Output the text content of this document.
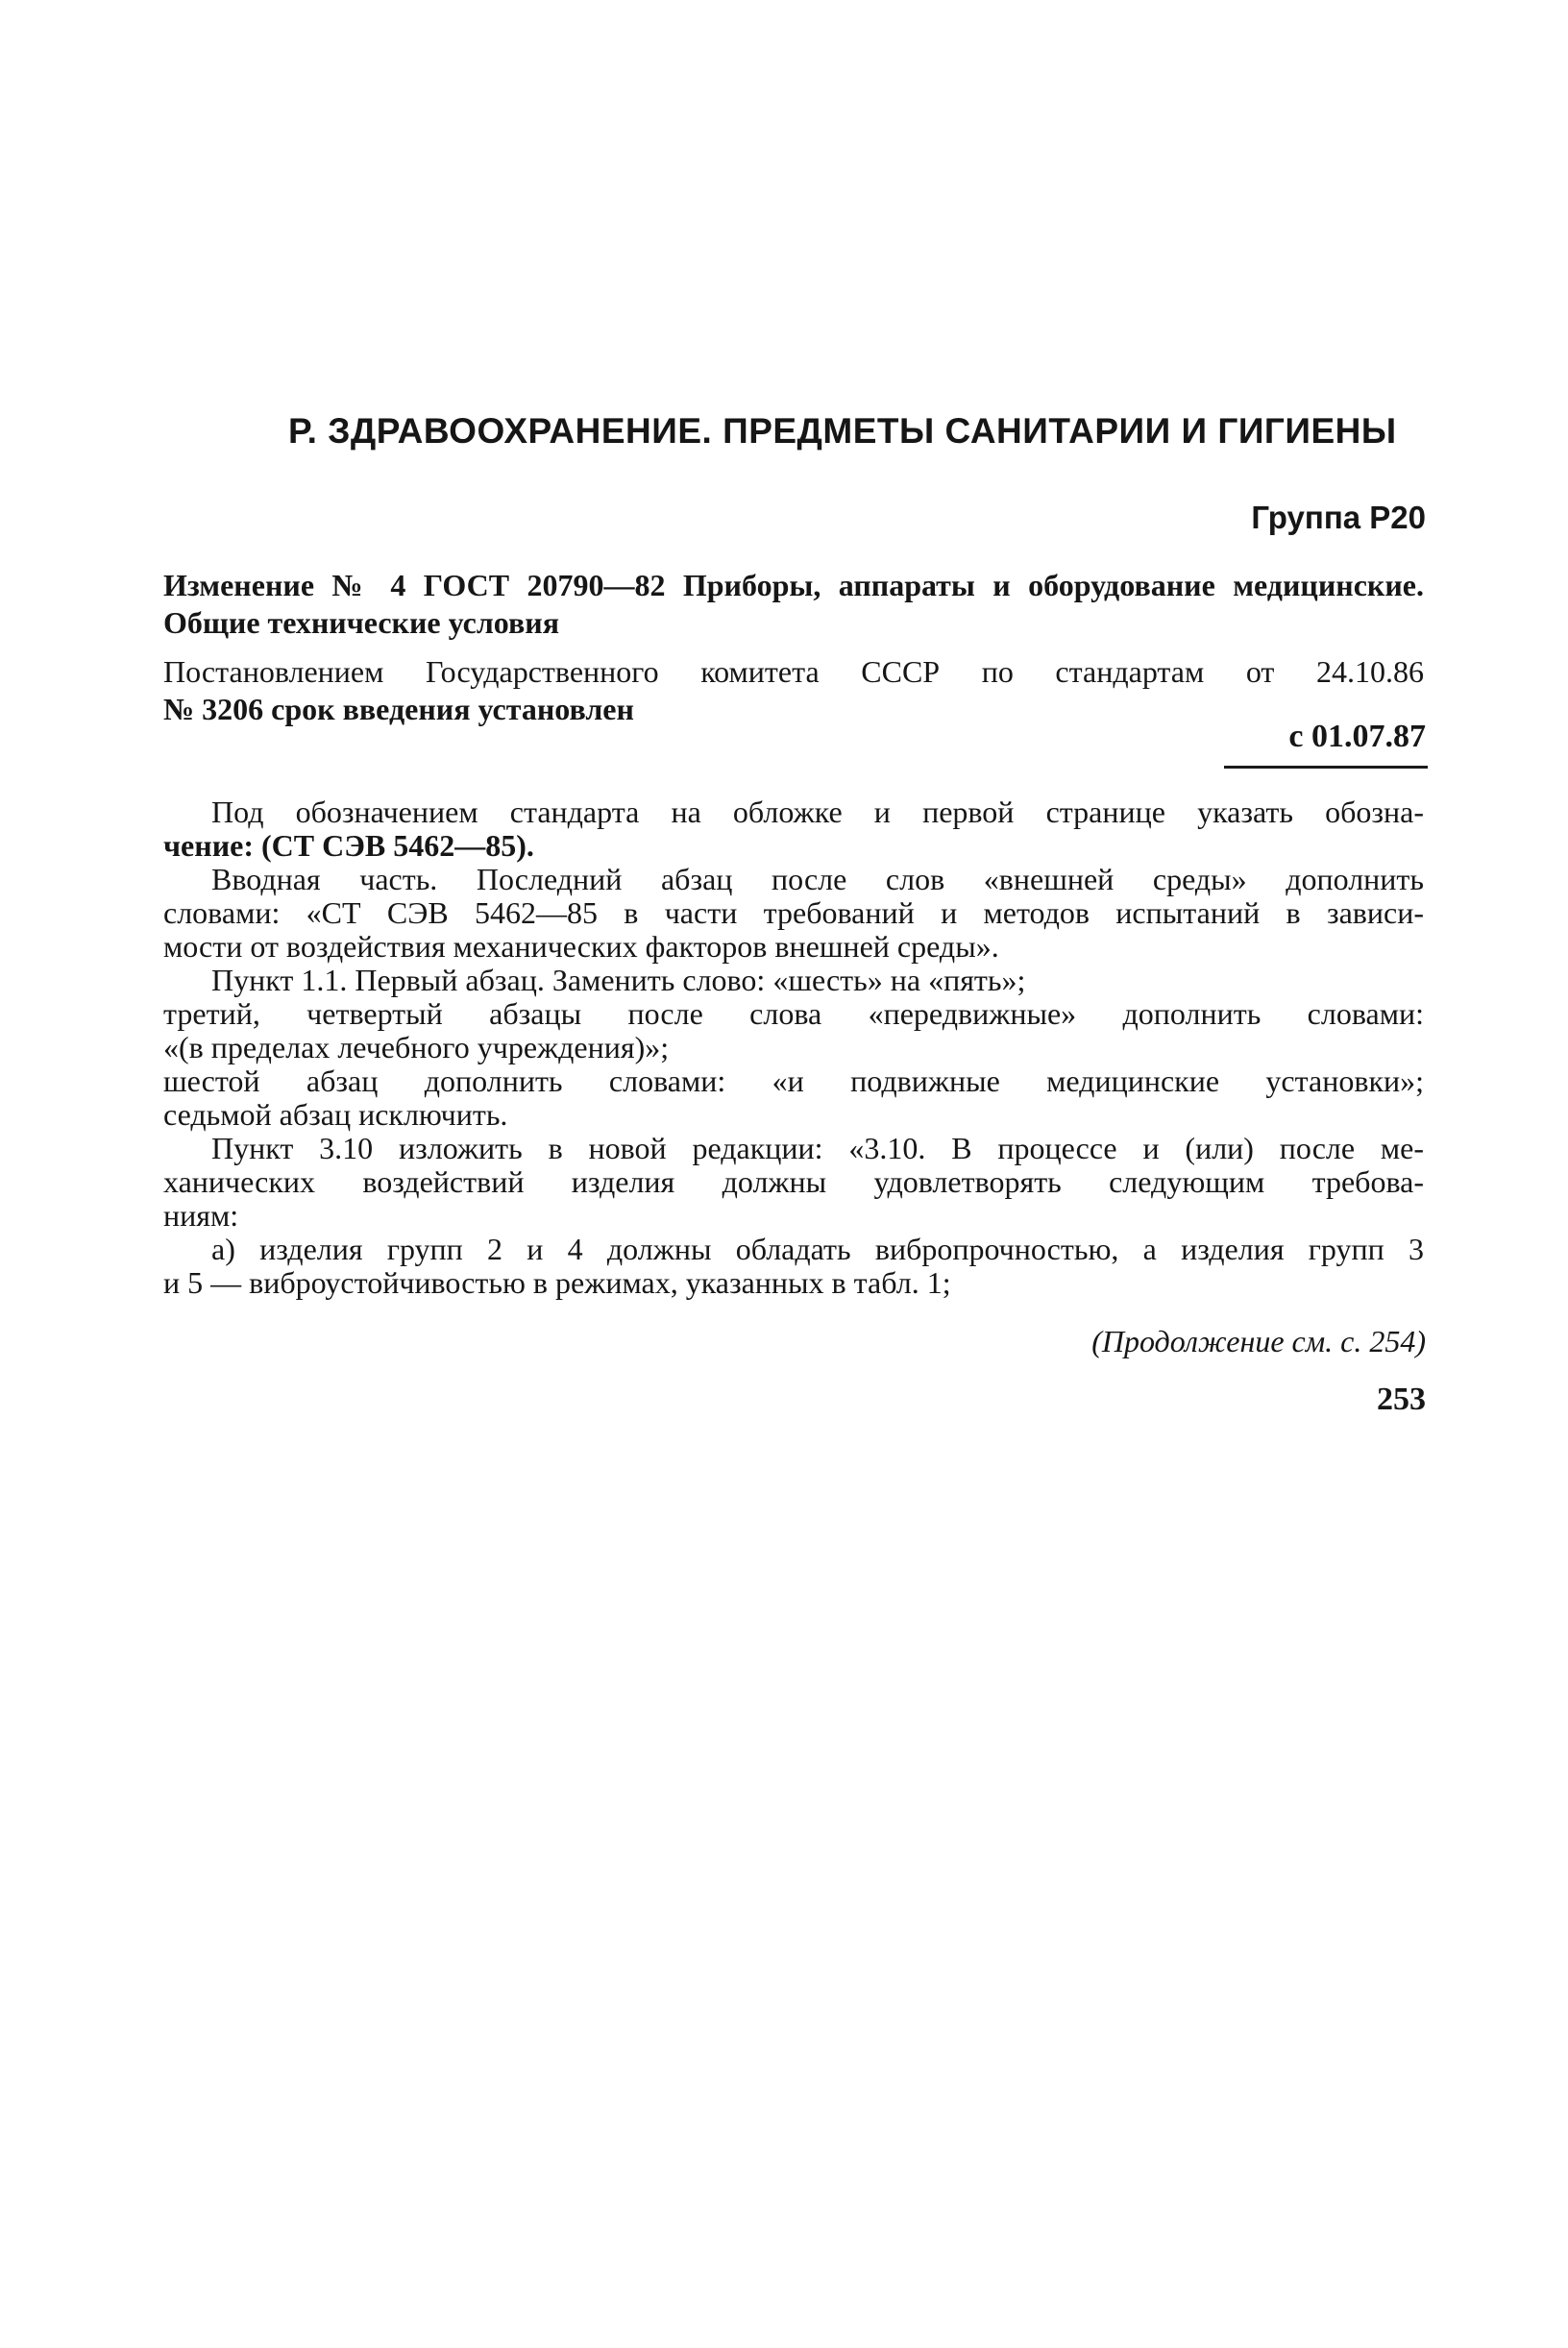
Р. ЗДРАВООХРАНЕНИЕ. ПРЕДМЕТЫ САНИТАРИИ И ГИГИЕНЫ
Группа Р20
Изменение № 4 ГОСТ 20790—82 Приборы, аппараты и оборудование медицинские. Общие технические условия
Постановлением Государственного комитета СССР по стандартам от 24.10.86
№ 3206 срок введения установлен
с 01.07.87
Под обозначением стандарта на обложке и первой странице указать обозна-
чение: (СТ СЭВ 5462—85).
Вводная часть. Последний абзац после слов «внешней среды» дополнить
словами: «СТ СЭВ 5462—85 в части требований и методов испытаний в зависи-
мости от воздействия механических факторов внешней среды».
Пункт 1.1. Первый абзац. Заменить слово: «шесть» на «пять»;
третий, четвертый абзацы после слова «передвижные» дополнить словами:
«(в пределах лечебного учреждения)»;
шестой абзац дополнить словами: «и подвижные медицинские установки»;
седьмой абзац исключить.
Пункт 3.10 изложить в новой редакции: «3.10. В процессе и (или) после ме-
ханических воздействий изделия должны удовлетворять следующим требова-
ниям:
а) изделия групп 2 и 4 должны обладать вибропрочностью, а изделия групп 3
и 5 — виброустойчивостью в режимах, указанных в табл. 1;
(Продолжение см. с. 254)
253
